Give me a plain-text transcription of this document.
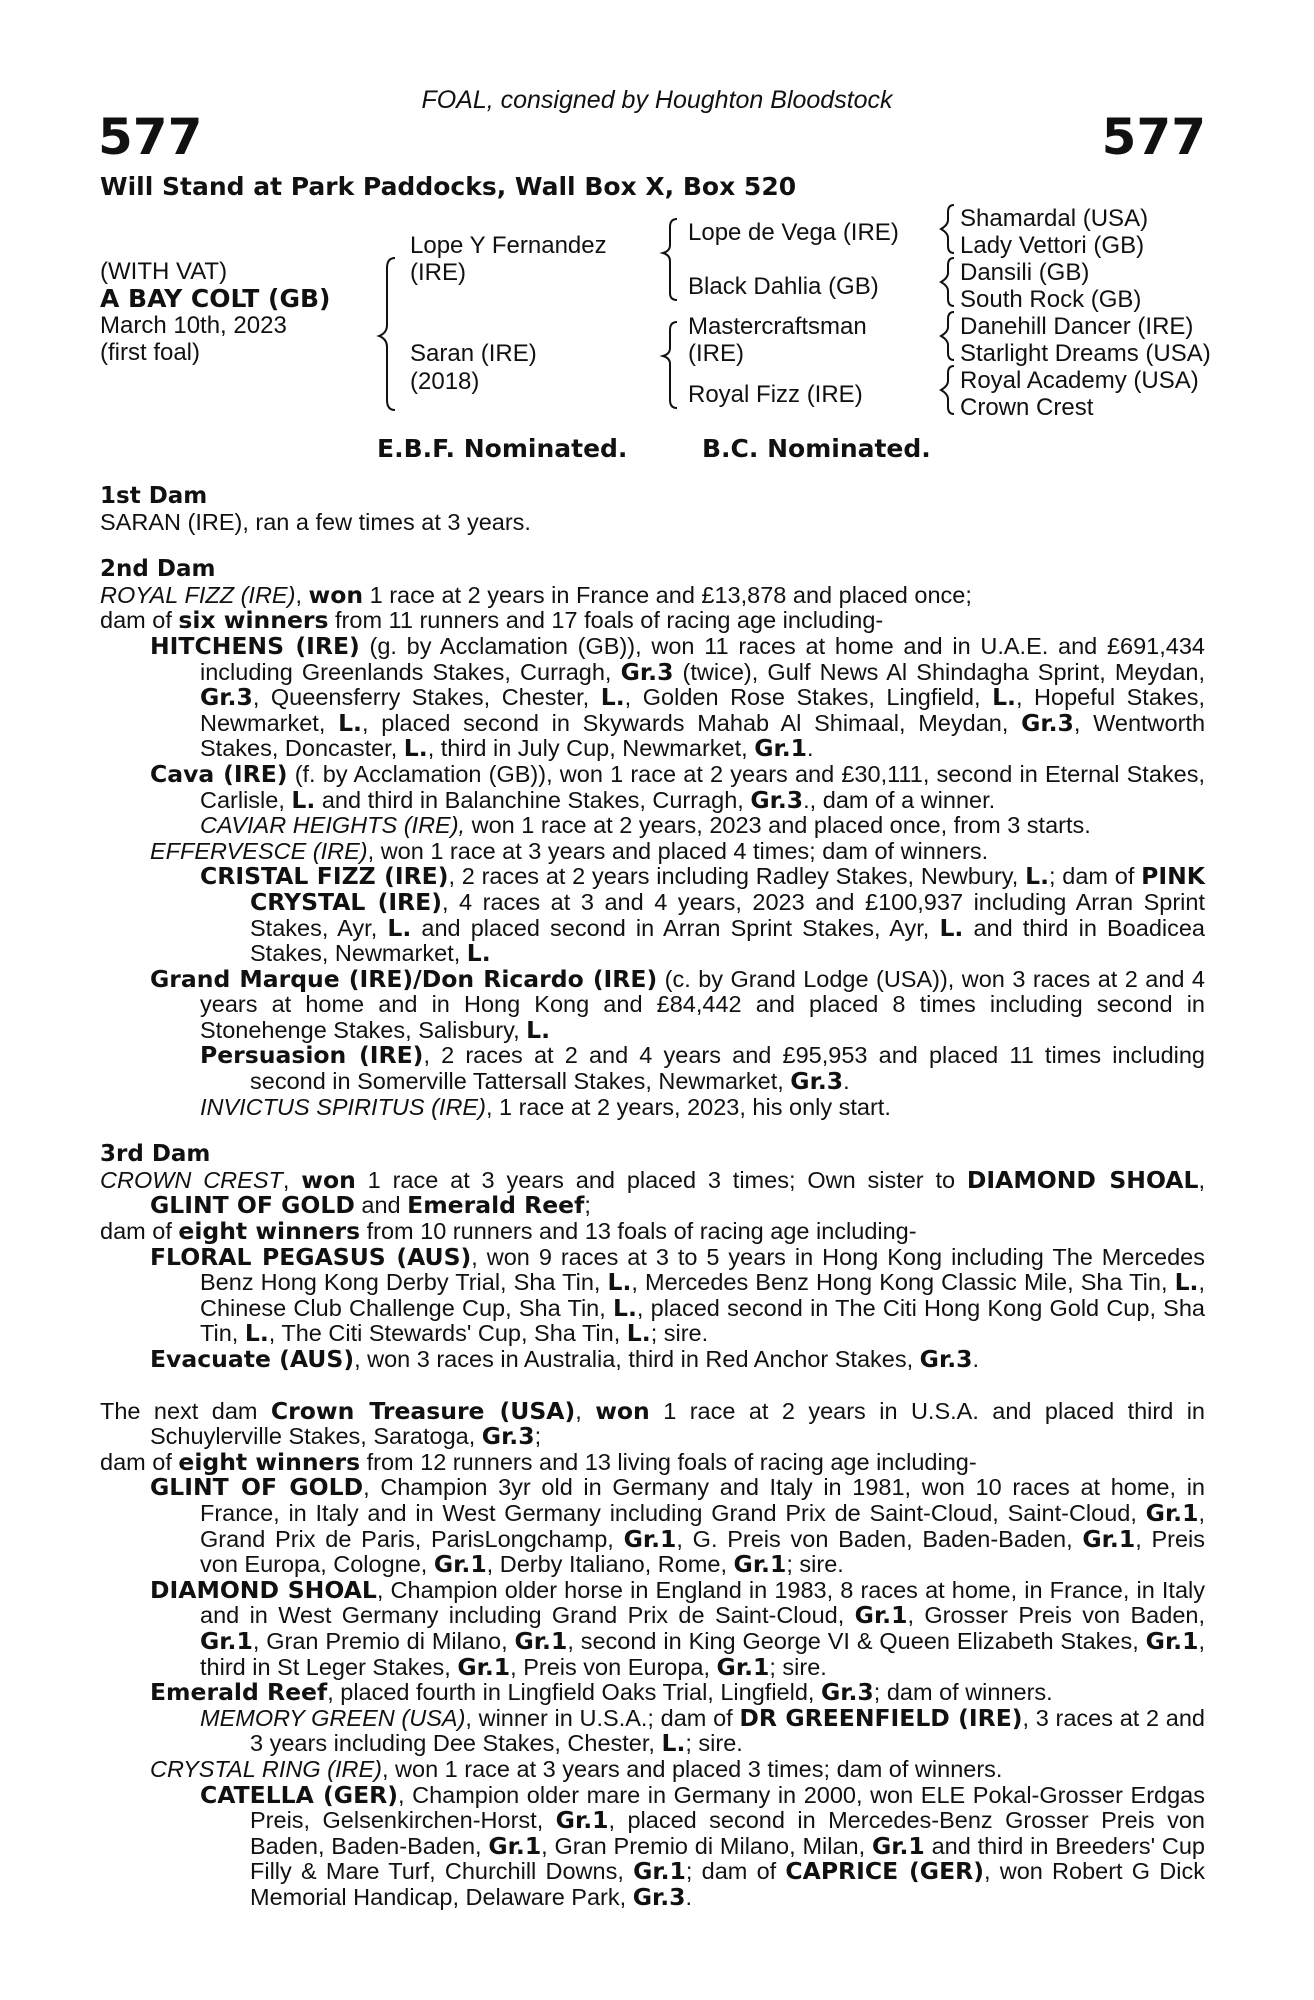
FOAL, consigned by Houghton Bloodstock
577	577
Will Stand at Park Paddocks, Wall Box X, Box 520
(WITH VAT)
A BAY COLT (GB)
March 10th, 2023
(first foal)
Lope Y Fernandez
(IRE)
Saran (IRE)
(2018)
Lope de Vega (IRE)
Black Dahlia (GB)
Mastercraftsman
(IRE)
Royal Fizz (IRE)
Shamardal (USA)
Lady Vettori (GB)
Dansili (GB)
South Rock (GB)
Danehill Dancer (IRE)
Starlight Dreams (USA)
Royal Academy (USA)
Crown Crest
E.B.F. Nominated.	B.C. Nominated.
1st Dam

SARAN (IRE), ran a few times at 3 years.

2nd Dam

ROYAL FIZZ (IRE), won 1 race at 2 years in France and £13,878 and placed once;

dam of six winners from 11 runners and 17 foals of racing age including-

HITCHENS (IRE) (g. by Acclamation (GB)), won 11 races at home and in U.A.E. and £691,434 including Greenlands Stakes, Curragh, Gr.3 (twice), Gulf News Al Shindagha Sprint, Meydan, Gr.3, Queensferry Stakes, Chester, L., Golden Rose Stakes, Lingfield, L., Hopeful Stakes, Newmarket, L., placed second in Skywards Mahab Al Shimaal, Meydan, Gr.3, Wentworth Stakes, Doncaster, L., third in July Cup, Newmarket, Gr.1.

Cava (IRE) (f. by Acclamation (GB)), won 1 race at 2 years and £30,111, second in Eternal Stakes, Carlisle, L. and third in Balanchine Stakes, Curragh, Gr.3., dam of a winner.

CAVIAR HEIGHTS (IRE), won 1 race at 2 years, 2023 and placed once, from 3 starts.

EFFERVESCE (IRE), won 1 race at 3 years and placed 4 times; dam of winners.

CRISTAL FIZZ (IRE), 2 races at 2 years including Radley Stakes, Newbury, L.; dam of PINK CRYSTAL (IRE), 4 races at 3 and 4 years, 2023 and £100,937 including Arran Sprint Stakes, Ayr, L. and placed second in Arran Sprint Stakes, Ayr, L. and third in Boadicea Stakes, Newmarket, L.

Grand Marque (IRE)/Don Ricardo (IRE) (c. by Grand Lodge (USA)), won 3 races at 2 and 4 years at home and in Hong Kong and £84,442 and placed 8 times including second in Stonehenge Stakes, Salisbury, L.

Persuasion (IRE), 2 races at 2 and 4 years and £95,953 and placed 11 times including second in Somerville Tattersall Stakes, Newmarket, Gr.3.

INVICTUS SPIRITUS (IRE), 1 race at 2 years, 2023, his only start.

3rd Dam

CROWN CREST, won 1 race at 3 years and placed 3 times; Own sister to DIAMOND SHOAL, GLINT OF GOLD and Emerald Reef;

dam of eight winners from 10 runners and 13 foals of racing age including-

FLORAL PEGASUS (AUS), won 9 races at 3 to 5 years in Hong Kong including The Mercedes Benz Hong Kong Derby Trial, Sha Tin, L., Mercedes Benz Hong Kong Classic Mile, Sha Tin, L., Chinese Club Challenge Cup, Sha Tin, L., placed second in The Citi Hong Kong Gold Cup, Sha Tin, L., The Citi Stewards' Cup, Sha Tin, L.; sire.

Evacuate (AUS), won 3 races in Australia, third in Red Anchor Stakes, Gr.3.

The next dam Crown Treasure (USA), won 1 race at 2 years in U.S.A. and placed third in Schuylerville Stakes, Saratoga, Gr.3;

dam of eight winners from 12 runners and 13 living foals of racing age including-

GLINT OF GOLD, Champion 3yr old in Germany and Italy in 1981, won 10 races at home, in France, in Italy and in West Germany including Grand Prix de Saint-Cloud, Saint-Cloud, Gr.1, Grand Prix de Paris, ParisLongchamp, Gr.1, G. Preis von Baden, Baden-Baden, Gr.1, Preis von Europa, Cologne, Gr.1, Derby Italiano, Rome, Gr.1; sire.

DIAMOND SHOAL, Champion older horse in England in 1983, 8 races at home, in France, in Italy and in West Germany including Grand Prix de Saint-Cloud, Gr.1, Grosser Preis von Baden, Gr.1, Gran Premio di Milano, Gr.1, second in King George VI & Queen Elizabeth Stakes, Gr.1, third in St Leger Stakes, Gr.1, Preis von Europa, Gr.1; sire.

Emerald Reef, placed fourth in Lingfield Oaks Trial, Lingfield, Gr.3; dam of winners.

MEMORY GREEN (USA), winner in U.S.A.; dam of DR GREENFIELD (IRE), 3 races at 2 and 3 years including Dee Stakes, Chester, L.; sire.

CRYSTAL RING (IRE), won 1 race at 3 years and placed 3 times; dam of winners.

CATELLA (GER), Champion older mare in Germany in 2000, won ELE Pokal-Grosser Erdgas Preis, Gelsenkirchen-Horst, Gr.1, placed second in Mercedes-Benz Grosser Preis von Baden, Baden-Baden, Gr.1, Gran Premio di Milano, Milan, Gr.1 and third in Breeders' Cup Filly & Mare Turf, Churchill Downs, Gr.1; dam of CAPRICE (GER), won Robert G Dick Memorial Handicap, Delaware Park, Gr.3.
